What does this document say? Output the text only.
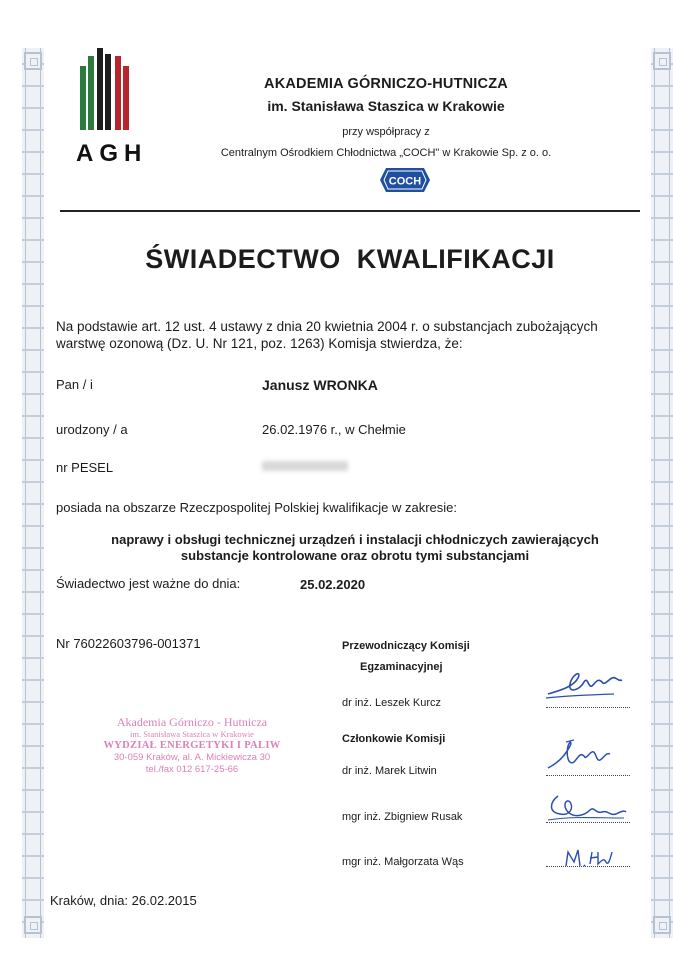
AGH
AKADEMIA GÓRNICZO-HUTNICZA
im. Stanisława Staszica w Krakowie
przy współpracy z
Centralnym Ośrodkiem Chłodnictwa „COCH" w Krakowie Sp. z o. o.
COCH
ŚWIADECTWO KWALIFIKACJI
Na podstawie art. 12 ust. 4 ustawy z dnia 20 kwietnia 2004 r. o substancjach zubożających warstwę ozonową (Dz. U. Nr 121, poz. 1263) Komisja stwierdza, że:
Pan / i	Janusz WRONKA
urodzony / a	26.02.1976 r., w Chełmie
nr PESEL
posiada na obszarze Rzeczpospolitej Polskiej kwalifikacje w zakresie:
naprawy i obsługi technicznej urządzeń i instalacji chłodniczych zawierających substancje kontrolowane oraz obrotu tymi substancjami
Świadectwo jest ważne do dnia:	25.02.2020
Nr 76022603796-001371	Przewodniczący Komisji
Egzaminacyjnej
dr inż. Leszek Kurcz
Członkowie Komisji
dr inż. Marek Litwin
mgr inż. Zbigniew Rusak
mgr inż. Małgorzata Wąs
Akademia Górniczo - Hutnicza
im. Stanisława Staszica w Krakowie
WYDZIAŁ ENERGETYKI I PALIW
30-059 Kraków, al. A. Mickiewicza 30
tel./fax 012 617-25-66
Kraków, dnia: 26.02.2015
